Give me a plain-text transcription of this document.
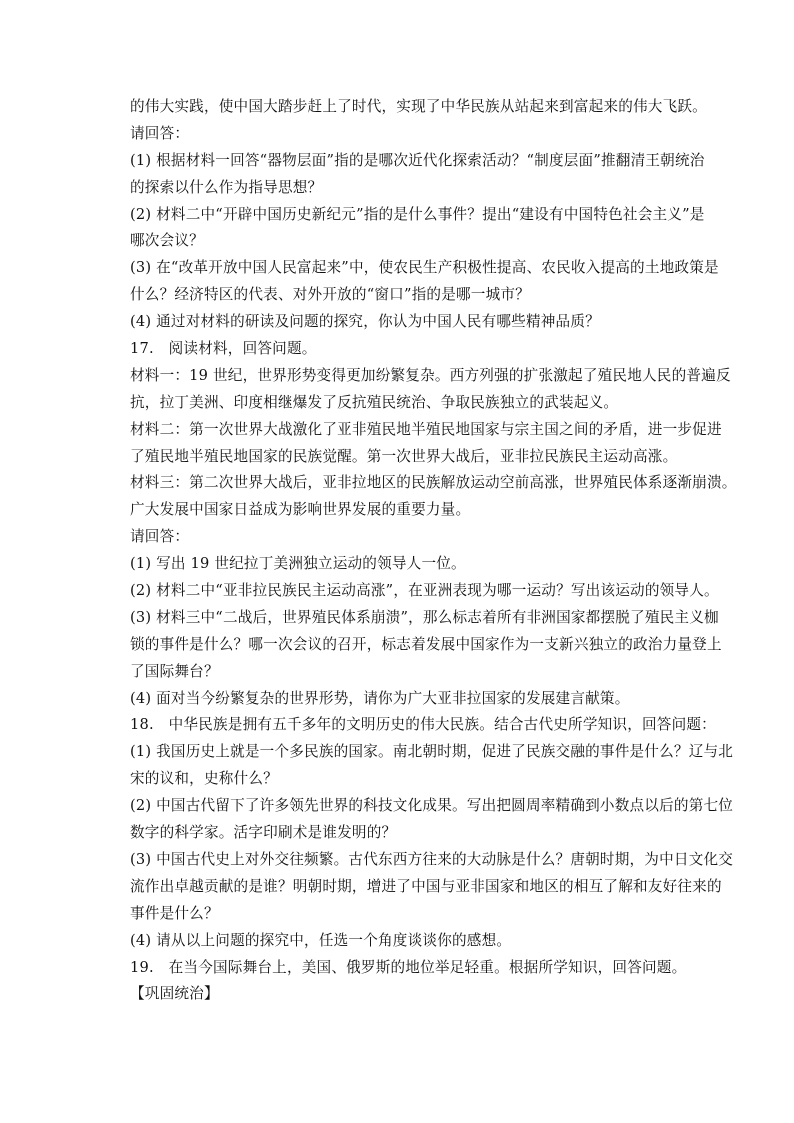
的伟大实践，使中国大踏步赶上了时代，实现了中华民族从站起来到富起来的伟大飞跃。
请回答：
(1) 根据材料一回答“器物层面”指的是哪次近代化探索活动？“制度层面”推翻清王朝统治
的探索以什么作为指导思想？
(2) 材料二中“开辟中国历史新纪元”指的是什么事件？提出“建设有中国特色社会主义”是
哪次会议？
(3) 在“改革开放中国人民富起来”中，使农民生产积极性提高、农民收入提高的土地政策是
什么？经济特区的代表、对外开放的“窗口”指的是哪一城市？
(4) 通过对材料的研读及问题的探究，你认为中国人民有哪些精神品质？
17.　阅读材料，回答问题。
材料一：19 世纪，世界形势变得更加纷繁复杂。西方列强的扩张激起了殖民地人民的普遍反
抗，拉丁美洲、印度相继爆发了反抗殖民统治、争取民族独立的武装起义。
材料二：第一次世界大战激化了亚非殖民地半殖民地国家与宗主国之间的矛盾，进一步促进
了殖民地半殖民地国家的民族觉醒。第一次世界大战后，亚非拉民族民主运动高涨。
材料三：第二次世界大战后，亚非拉地区的民族解放运动空前高涨，世界殖民体系逐渐崩溃。
广大发展中国家日益成为影响世界发展的重要力量。
请回答：
(1) 写出 19 世纪拉丁美洲独立运动的领导人一位。
(2) 材料二中“亚非拉民族民主运动高涨”，在亚洲表现为哪一运动？写出该运动的领导人。
(3) 材料三中“二战后，世界殖民体系崩溃”，那么标志着所有非洲国家都摆脱了殖民主义枷
锁的事件是什么？哪一次会议的召开，标志着发展中国家作为一支新兴独立的政治力量登上
了国际舞台？
(4) 面对当今纷繁复杂的世界形势，请你为广大亚非拉国家的发展建言献策。
18.　中华民族是拥有五千多年的文明历史的伟大民族。结合古代史所学知识，回答问题：
(1) 我国历史上就是一个多民族的国家。南北朝时期，促进了民族交融的事件是什么？辽与北
宋的议和，史称什么？
(2) 中国古代留下了许多领先世界的科技文化成果。写出把圆周率精确到小数点以后的第七位
数字的科学家。活字印刷术是谁发明的？
(3) 中国古代史上对外交往频繁。古代东西方往来的大动脉是什么？唐朝时期，为中日文化交
流作出卓越贡献的是谁？明朝时期，增进了中国与亚非国家和地区的相互了解和友好往来的
事件是什么？
(4) 请从以上问题的探究中，任选一个角度谈谈你的感想。
19.　在当今国际舞台上，美国、俄罗斯的地位举足轻重。根据所学知识，回答问题。
【巩固统治】
